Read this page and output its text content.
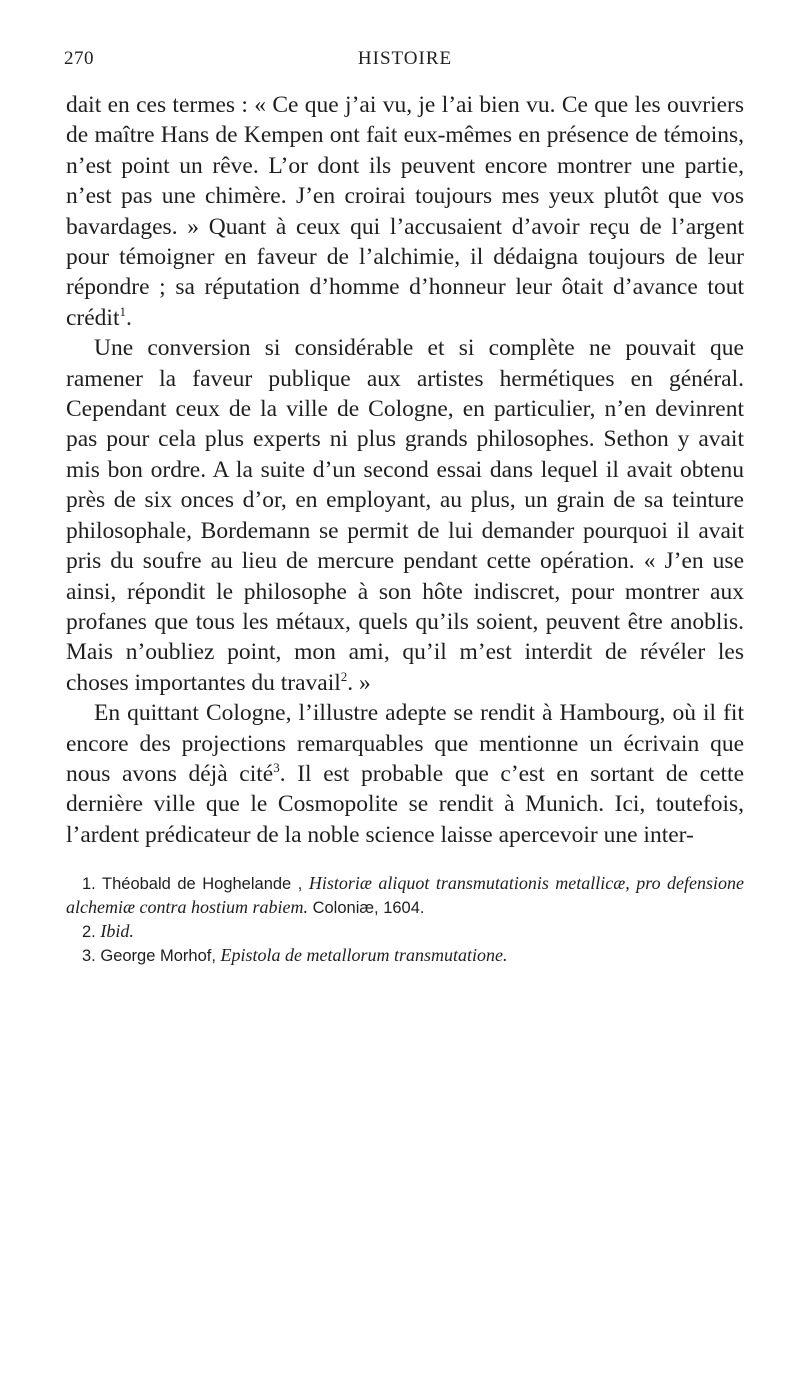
270	HISTOIRE

dait en ces termes : « Ce que j’ai vu, je l’ai bien vu. Ce que les ouvriers de maître Hans de Kempen ont fait eux-mêmes en présence de témoins, n’est point un rêve. L’or dont ils peuvent encore montrer une partie, n’est pas une chimère. J’en croirai toujours mes yeux plutôt que vos bavardages. » Quant à ceux qui l’accusaient d’avoir reçu de l’argent pour témoigner en faveur de l’alchimie, il dédaigna toujours de leur répondre ; sa réputation d’homme d’honneur leur ôtait d’avance tout crédit$^1$.

Une conversion si considérable et si complète ne pouvait que ramener la faveur publique aux artistes hermétiques en général. Cependant ceux de la ville de Cologne, en particulier, n’en devinrent pas pour cela plus experts ni plus grands philosophes. Sethon y avait mis bon ordre. A la suite d’un second essai dans lequel il avait obtenu près de six onces d’or, en employant, au plus, un grain de sa teinture philosophale, Bordemann se permit de lui demander pourquoi il avait pris du soufre au lieu de mercure pendant cette opération. « J’en use ainsi, répondit le philosophe à son hôte indiscret, pour montrer aux profanes que tous les métaux, quels qu’ils soient, peuvent être anoblis. Mais n’oubliez point, mon ami, qu’il m’est interdit de révéler les choses importantes du travail$^2$. »

En quittant Cologne, l’illustre adepte se rendit à Hambourg, où il fit encore des projections remarquables que mentionne un écrivain que nous avons déjà cité$^3$. Il est probable que c’est en sortant de cette dernière ville que le Cosmopolite se rendit à Munich. Ici, toutefois, l’ardent prédicateur de la noble science laisse apercevoir une inter-

1. Théobald de Hoghelande , Historiæ aliquot transmutationis metallicæ, pro defensione alchemiæ contra hostium rabiem. Coloniæ, 1604.

2. Ibid.

3. George Morhof, Epistola de metallorum transmutatione.
